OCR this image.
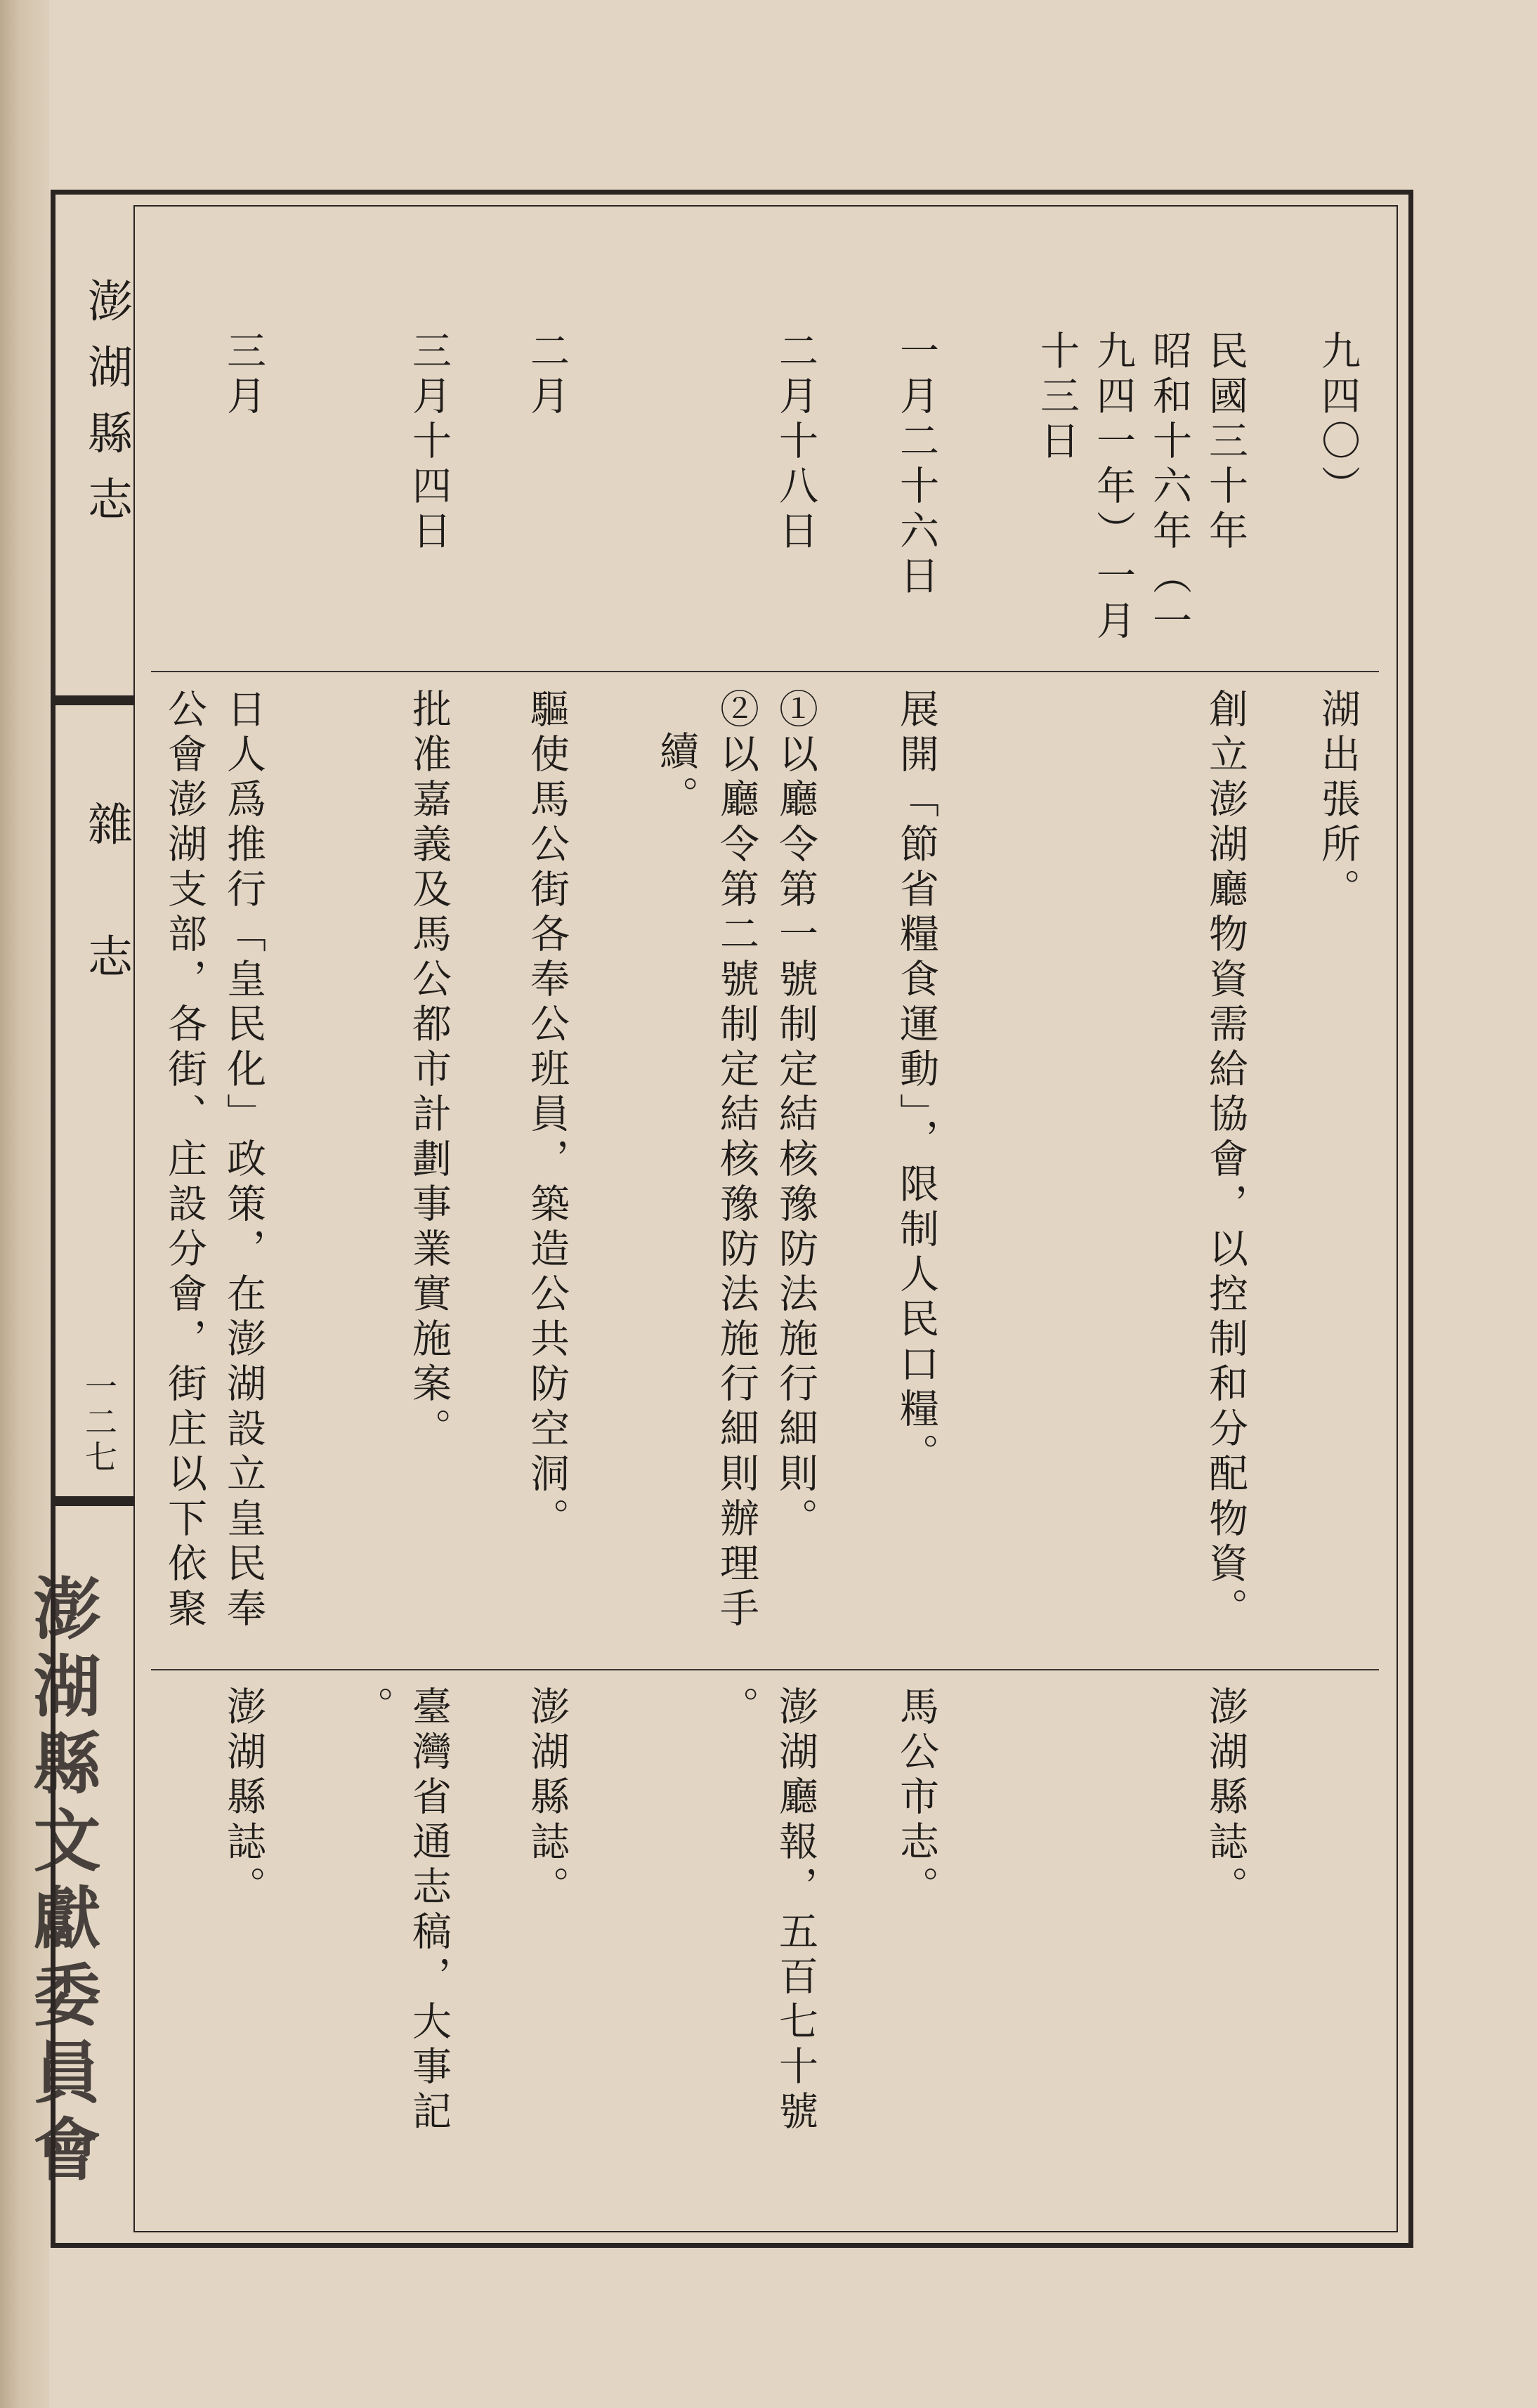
澎湖縣志
雜　志
一二七
澎湖縣文獻委員會
九四〇）
湖出張所。
民國三十年
昭和十六年（一
九四一年）一月
十三日
創立澎湖廳物資需給協會，以控制和分配物資。
澎湖縣誌。
一月二十六日
展開「節省糧食運動」，限制人民口糧。
馬公市志。
二月十八日
①以廳令第一號制定結核豫防法施行細則。
②以廳令第二號制定結核豫防法施行細則辦理手
續。
澎湖廳報，五百七十號
。
二月
驅使馬公街各奉公班員，築造公共防空洞。
澎湖縣誌。
三月十四日
批准嘉義及馬公都市計劃事業實施案。
臺灣省通志稿，大事記
。
三月
日人爲推行「皇民化」政策，在澎湖設立皇民奉
公會澎湖支部，各街、庄設分會，街庄以下依聚
澎湖縣誌。
